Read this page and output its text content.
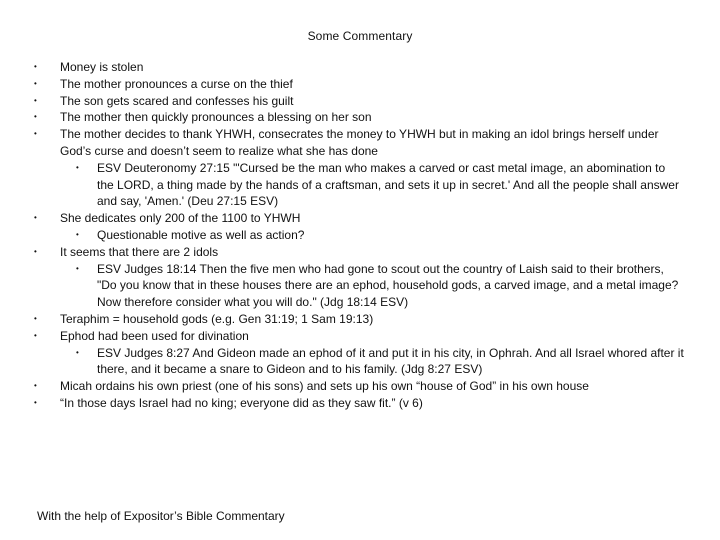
Some Commentary
•	Money is stolen
•	The mother pronounces a curse on the thief
•	The son gets scared and confesses his guilt
•	The mother then quickly pronounces a blessing on her son
•	The mother decides to thank YHWH, consecrates the money to YHWH but in making an idol brings herself under God’s curse and doesn’t seem to realize what she has done
•	ESV Deuteronomy 27:15 "'Cursed be the man who makes a carved or cast metal image, an abomination to the LORD, a thing made by the hands of a craftsman, and sets it up in secret.' And all the people shall answer and say, 'Amen.' (Deu 27:15 ESV)
•	She dedicates only 200 of the 1100 to YHWH
•	Questionable motive as well as action?
•	It seems that there are 2 idols
•	ESV Judges 18:14 Then the five men who had gone to scout out the country of Laish said to their brothers, "Do you know that in these houses there are an ephod, household gods, a carved image, and a metal image? Now therefore consider what you will do." (Jdg 18:14 ESV)
•	Teraphim = household gods (e.g. Gen 31:19; 1 Sam 19:13)
•	Ephod had been used for divination
•	ESV Judges 8:27 And Gideon made an ephod of it and put it in his city, in Ophrah. And all Israel whored after it there, and it became a snare to Gideon and to his family. (Jdg 8:27 ESV)
•	Micah ordains his own priest (one of his sons) and sets up his own “house of God” in his own house
•	“In those days Israel had no king; everyone did as they saw fit.” (v 6)
With the help of Expositor’s Bible Commentary
